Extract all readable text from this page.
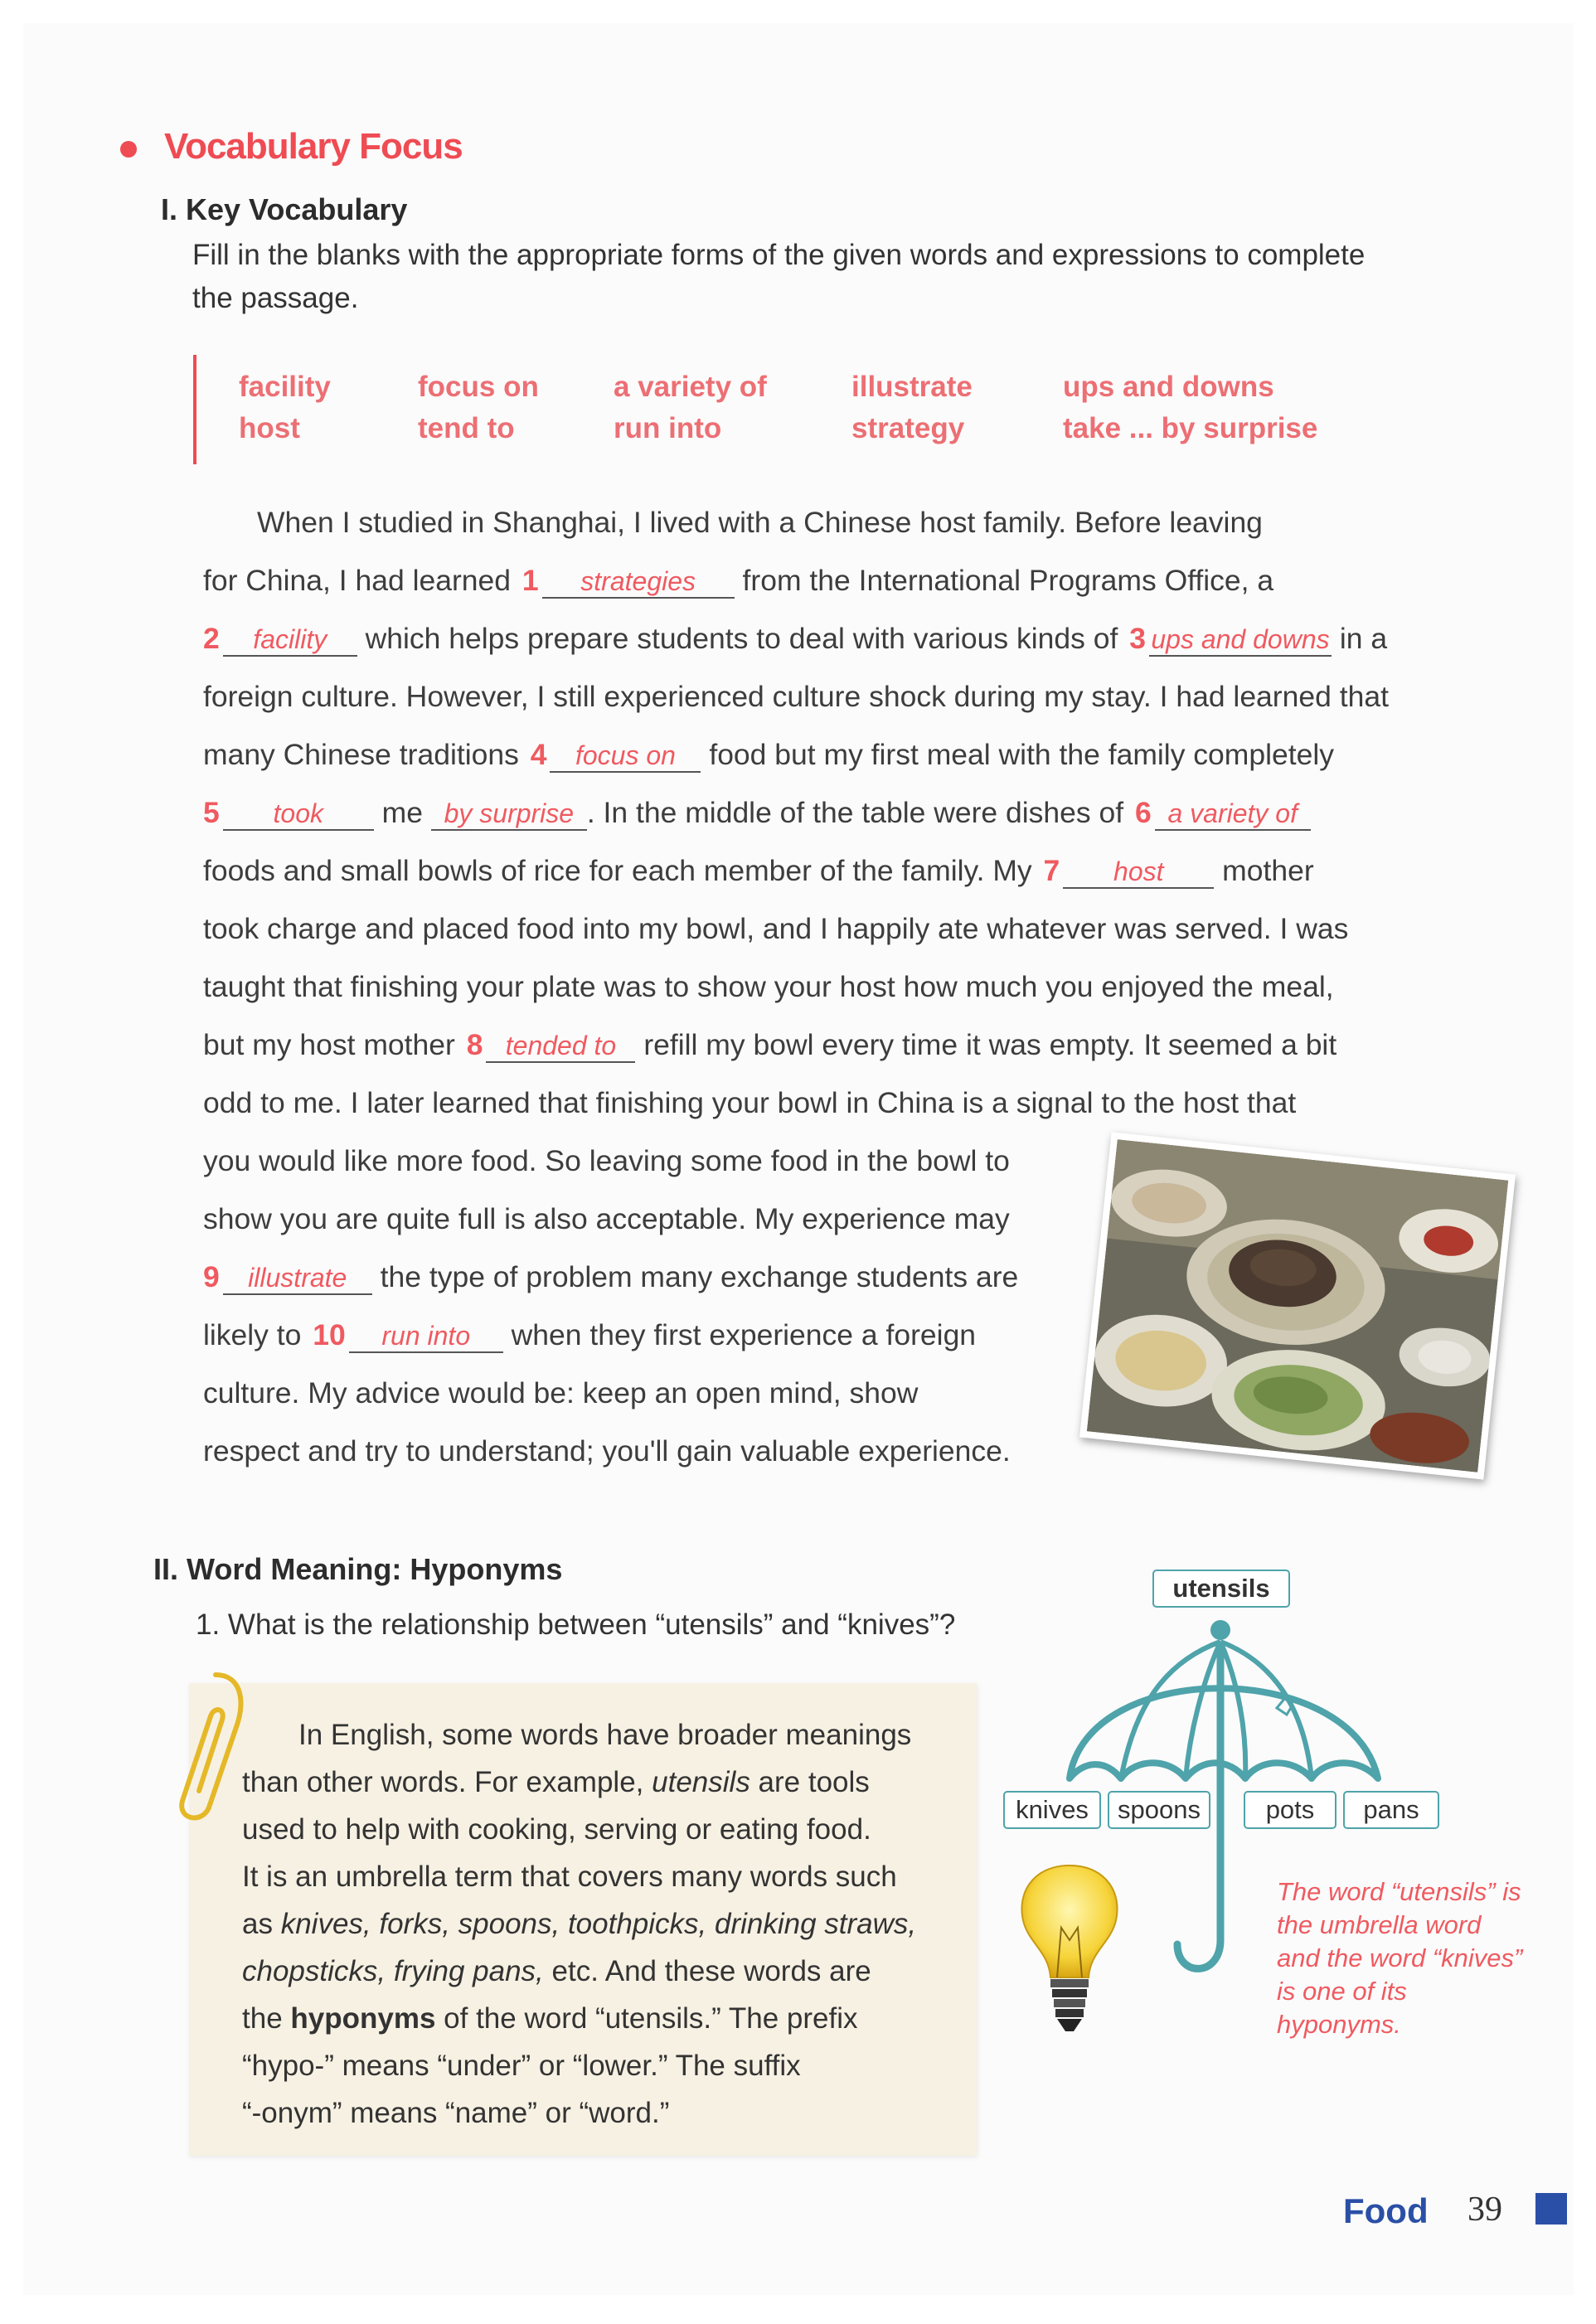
Vocabulary Focus
I. Key Vocabulary
Fill in the blanks with the appropriate forms of the given words and expressions to complete the passage.
facility	focus on	a variety of	illustrate	ups and downs
host	tend to	run into	strategy	take ... by surprise
When I studied in Shanghai, I lived with a Chinese host family. Before leaving
for China, I had learned 1 strategies from the International Programs Office, a
2 facility which helps prepare students to deal with various kinds of 3 ups and downs in a
foreign culture. However, I still experienced culture shock during my stay. I had learned that
many Chinese traditions 4 focus on food but my first meal with the family completely
5 took me by surprise . In the middle of the table were dishes of 6 a variety of
foods and small bowls of rice for each member of the family. My 7 host mother
took charge and placed food into my bowl, and I happily ate whatever was served. I was
taught that finishing your plate was to show your host how much you enjoyed the meal,
but my host mother 8 tended to refill my bowl every time it was empty. It seemed a bit
odd to me. I later learned that finishing your bowl in China is a signal to the host that
you would like more food. So leaving some food in the bowl to
show you are quite full is also acceptable. My experience may
9 illustrate the type of problem many exchange students are
likely to 10 run into when they first experience a foreign
culture. My advice would be: keep an open mind, show
respect and try to understand; you'll gain valuable experience.
II. Word Meaning: Hyponyms
1. What is the relationship between “utensils” and “knives”?
In English, some words have broader meanings
than other words. For example, utensils are tools
used to help with cooking, serving or eating food.
It is an umbrella term that covers many words such
as knives, forks, spoons, toothpicks, drinking straws,
chopsticks, frying pans, etc. And these words are
the hyponyms of the word “utensils.” The prefix
“hypo-” means “under” or “lower.” The suffix
“-onym” means “name” or “word.”
utensils
knives	spoons	pots	pans
The word “utensils” is the umbrella word and the word “knives” is one of its hyponyms.
Food 39
